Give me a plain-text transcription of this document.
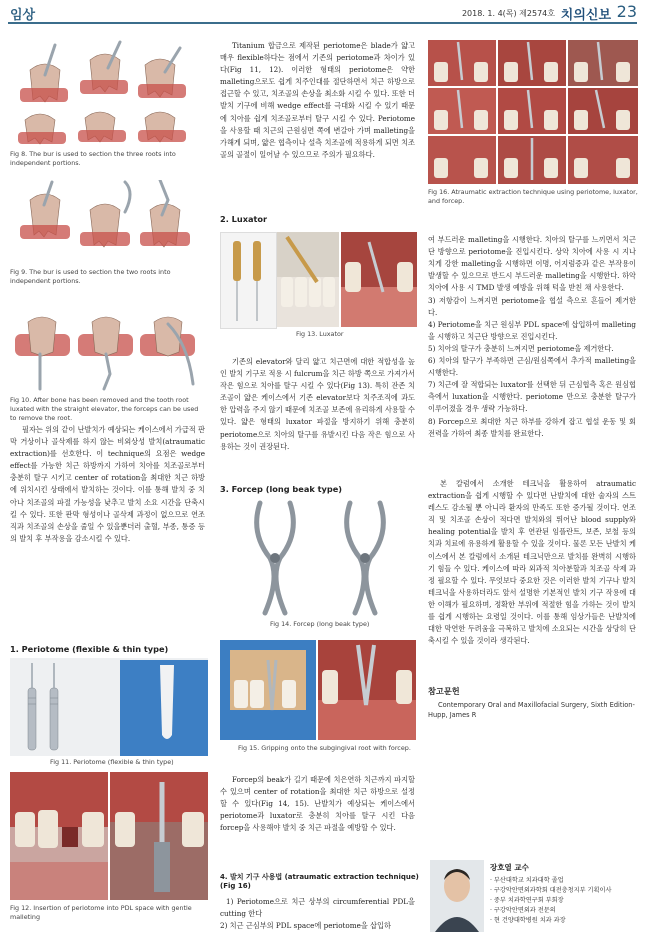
임상	2018. 1. 4(목) 제2574호 치의신보 23
Fig 8. The bur is used to section the three roots into independent portions.
Fig 9. The bur is used to section the two roots into independent portions.
Fig 10. After bone has been removed and the tooth root luxated with the straight elevator, the forceps can be used to remove the root.

필자는 위의 같이 난발치가 예상되는 케이스에서 가급적 판막 거상이나 골삭제를 하지 않는 비외상성 발치(atraumatic extraction)를 선호한다. 이 technique의 요점은 wedge effect를 가능한 치근 하방까지 가하여 치아를 치조골로부터 충분히 탈구 시키고 center of rotation을 최대한 치근 하방에 위치시킨 상태에서 발치하는 것이다. 이를 통해 발치 중 치아나 치조골의 파절 가능성을 낮추고 발치 소요 시간을 단축시킬 수 있다. 또한 판막 형성이나 골삭제 과정이 없으므로 연조직과 치조골의 손상을 줄일 수 있을뿐더러 출혈, 부종, 통증 등의 발치 후 부작용을 감소시킬 수 있다.

1. Periotome (flexible & thin type)
Fig 11. Periotome (flexible & thin type)
Fig 12. Insertion of periotome into PDL space with gentle malleting

Titanium 합금으로 제작된 periotome은 blade가 얇고 매우 flexible하다는 점에서 기존의 periotome과 차이가 있다(Fig 11, 12). 이러한 형태의 periotome은 약한 malleting으로도 쉽게 치주인대를 절단하면서 치근 하방으로 접근할 수 있고, 치조골의 손상을 최소화 시킬 수 있다. 또한 더 발치 기구에 비해 wedge effect를 극대화 시킬 수 있기 때문에 치아를 쉽게 치조골로부터 탈구 시킬 수 있다. Periotome을 사용할 때 치근의 근원심면 쪽에 변갈아 가며 malleting을 가해게 되며, 얇은 협측이나 설측 치조골에 적용하게 되면 치조골의 골절이 일어날 수 있으므로 주의가 필요하다.

2. Luxator
Fig 13. Luxator

기존의 elevator와 달리 얇고 치근면에 대한 적합성을 높인 발치 기구로 적용 시 fulcrum을 치근 하방 쪽으로 가져가서 작은 힘으로 치아를 탈구 시킬 수 있다(Fig 13). 특히 잔존 치조골이 얇은 케이스에서 기존 elevator보다 치주조직에 과도한 압력을 주지 않기 때문에 치조골 보존에 유리하게 사용할 수 있다. 얇은 형태의 luxator 파절을 방지하기 위해 충분히 periotome으로 치아의 탈구를 유발시킨 다음 작은 힘으로 사용하는 것이 권장된다.

3. Forcep (long beak type)
Fig 14. Forcep (long beak type)
Fig 15. Gripping onto the subgingival root with forcep.

Forcep의 beak가 길기 때문에 치은연하 치근까지 파지할 수 있으며 center of rotation을 최대한 치근 하방으로 설정할 수 있다(Fig 14, 15). 난발치가 예상되는 케이스에서 periotome과 luxator로 충분히 치아를 탈구 시킨 다음 forcep을 사용해야 발치 중 치근 파절을 예방할 수 있다.

4. 발치 기구 사용법 (atraumatic extraction technique) (Fig 16)

1) Periotome으로 치근 상부의 circumferential PDL을 cutting 한다
2) 치근 근심부의 PDL space에 periotome을 삽입하

Fig 16. Atraumatic extraction technique using periotome, luxator, and forcep.

여 부드러운 malleting을 시행한다. 치아의 탈구를 느끼면서 치근단 방향으로 periotome을 진입시킨다. 상악 치아에 사용 시 지나치게 강한 malleting을 시행하면 이명, 어지럼증과 같은 부작용이 발생할 수 있으므로 반드시 부드러운 malleting을 시행한다. 하악 치아에 사용 시 TMD 발생 예방을 위해 턱을 받친 채 사용한다.
3) 저항감이 느껴지면 periotome을 협설 측으로 흔들어 제거한다.
4) Periotome을 치근 원심부 PDL space에 삽입하여 malleting을 시행하고 치근단 방향으로 진입시킨다.
5) 치아의 탈구가 충분히 느껴지면 periotome을 제거한다.
6) 치아의 탈구가 부족하면 근심/원심쪽에서 추가적 malleting을 시행한다.
7) 치근에 잘 적합되는 luxator를 선택한 뒤 근심협측 혹은 원심협측에서 luxation을 시행한다. periotome 만으로 충분한 탈구가 이루어졌을 경우 생략 가능하다.
8) Forcep으로 최대한 치근 하부를 강하게 잡고 협설 운동 및 회전력을 가하여 최종 발치를 완료한다.

본 칼럼에서 소개한 테크닉을 활용하여 atraumatic extraction을 쉽게 시행할 수 있다면 난발치에 대한 술자의 스트레스도 감소될 뿐 아니라 환자의 만족도 또한 증가될 것이다. 연조직 및 치조골 손상이 적다면 발치와의 뛰어난 blood supply와 healing potential을 발치 후 연관된 임플란트, 보존, 보철 등의 치과 치료에 유용하게 활용할 수 있을 것이다. 물론 모든 난발치 케이스에서 본 칼럼에서 소개된 테크닉만으로 발치를 완벽히 시행하기 힘들 수 있다. 케이스에 따라 외과적 치아분할과 치조골 삭제 과정 필요할 수 있다. 무엇보다 중요한 것은 이러한 발치 기구나 발치 테크닉을 사용하더라도 앞서 설명한 기본적인 발치 기구 작용에 대한 이해가 필요하며, 정확한 부위에 적절한 힘을 가하는 것이 발치를 쉽게 시행하는 요령일 것이다. 이를 통해 임상가들은 난발치에 대한 막연한 두려움을 극복하고 발치에 소요되는 시간을 상당히 단축시킬 수 있을 것이라 생각된다.

참고문헌
Contemporary Oral and Maxillofacial Surgery, Sixth Edition- Hupp, James R
장호열 교수
· 부산대학교 치과대학 졸업
· 구강악안면외과학회 대전충청지부 기획이사
· 중부 치과학연구회 부회장
· 구강악안면외과 전문의
· 현 건양대학병원 치과 과장
